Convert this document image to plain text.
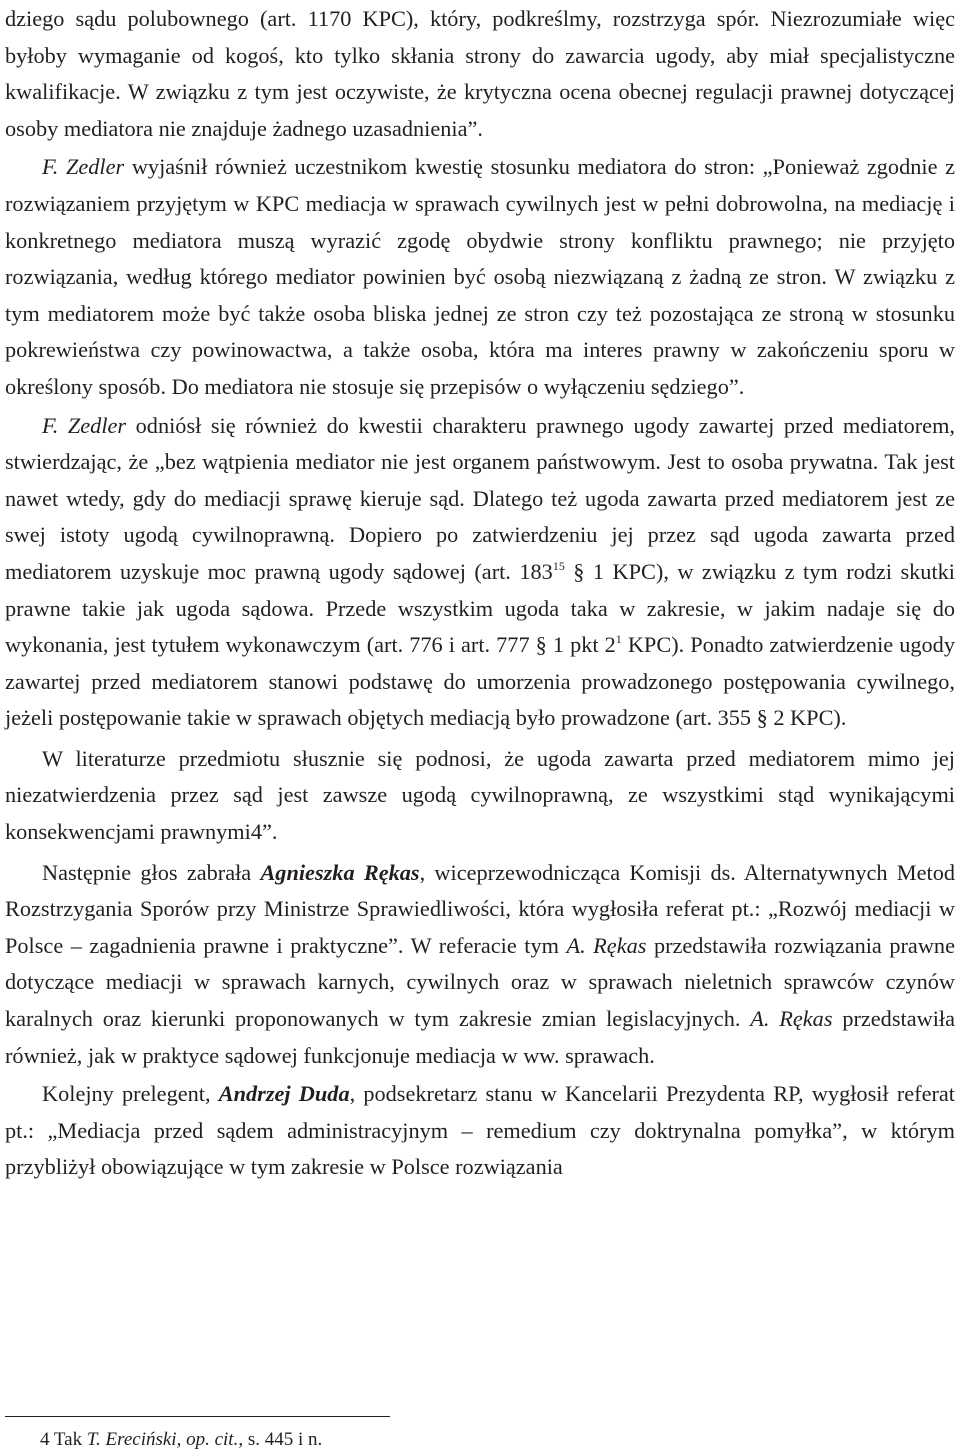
dziego sądu polubownego (art. 1170 KPC), który, podkreślmy, rozstrzyga spór. Niezrozumiałe więc byłoby wymaganie od kogoś, kto tylko skłania strony do zawarcia ugody, aby miał specjalistyczne kwalifikacje. W związku z tym jest oczywiste, że krytyczna ocena obecnej regulacji prawnej dotyczącej osoby mediatora nie znajduje żadnego uzasadnienia”.

F. Zedler wyjaśnił również uczestnikom kwestię stosunku mediatora do stron: „Ponieważ zgodnie z rozwiązaniem przyjętym w KPC mediacja w sprawach cywilnych jest w pełni dobrowolna, na mediację i konkretnego mediatora muszą wyrazić zgodę obydwie strony konfliktu prawnego; nie przyjęto rozwiązania, według którego mediator powinien być osobą niezwiązaną z żadną ze stron. W związku z tym mediatorem może być także osoba bliska jednej ze stron czy też pozostająca ze stroną w stosunku pokrewieństwa czy powinowactwa, a także osoba, która ma interes prawny w zakończeniu sporu w określony sposób. Do mediatora nie stosuje się przepisów o wyłączeniu sędziego”.

F. Zedler odniósł się również do kwestii charakteru prawnego ugody zawartej przed mediatorem, stwierdzając, że „bez wątpienia mediator nie jest organem państwowym. Jest to osoba prywatna. Tak jest nawet wtedy, gdy do mediacji sprawę kieruje sąd. Dlatego też ugoda zawarta przed mediatorem jest ze swej istoty ugodą cywilnoprawną. Dopiero po zatwierdzeniu jej przez sąd ugoda zawarta przed mediatorem uzyskuje moc prawną ugody sądowej (art. $183^{15}$ § 1 KPC), w związku z tym rodzi skutki prawne takie jak ugoda sądowa. Przede wszystkim ugoda taka w zakresie, w jakim nadaje się do wykonania, jest tytułem wykonawczym (art. 776 i art. 777 § 1 pkt $2^1$ KPC). Ponadto zatwierdzenie ugody zawartej przed mediatorem stanowi podstawę do umorzenia prowadzonego postępowania cywilnego, jeżeli postępowanie takie w sprawach objętych mediacją było prowadzone (art. 355 § 2 KPC).

W literaturze przedmiotu słusznie się podnosi, że ugoda zawarta przed mediatorem mimo jej niezatwierdzenia przez sąd jest zawsze ugodą cywilnoprawną, ze wszystkimi stąd wynikającymi konsekwencjami prawnymi4”.

Następnie głos zabrała Agnieszka Rękas, wiceprzewodnicząca Komisji ds. Alternatywnych Metod Rozstrzygania Sporów przy Ministrze Sprawiedliwości, która wygłosiła referat pt.: „Rozwój mediacji w Polsce – zagadnienia prawne i praktyczne”. W referacie tym A. Rękas przedstawiła rozwiązania prawne dotyczące mediacji w sprawach karnych, cywilnych oraz w sprawach nieletnich sprawców czynów karalnych oraz kierunki proponowanych w tym zakresie zmian legislacyjnych. A. Rękas przedstawiła również, jak w praktyce sądowej funkcjonuje mediacja w ww. sprawach.

Kolejny prelegent, Andrzej Duda, podsekretarz stanu w Kancelarii Prezydenta RP, wygłosił referat pt.: „Mediacja przed sądem administracyjnym – remedium czy doktrynalna pomyłka”, w którym przybliżył obowiązujące w tym zakresie w Polsce rozwiązania

4 Tak T. Ereciński, op. cit., s. 445 i n.
